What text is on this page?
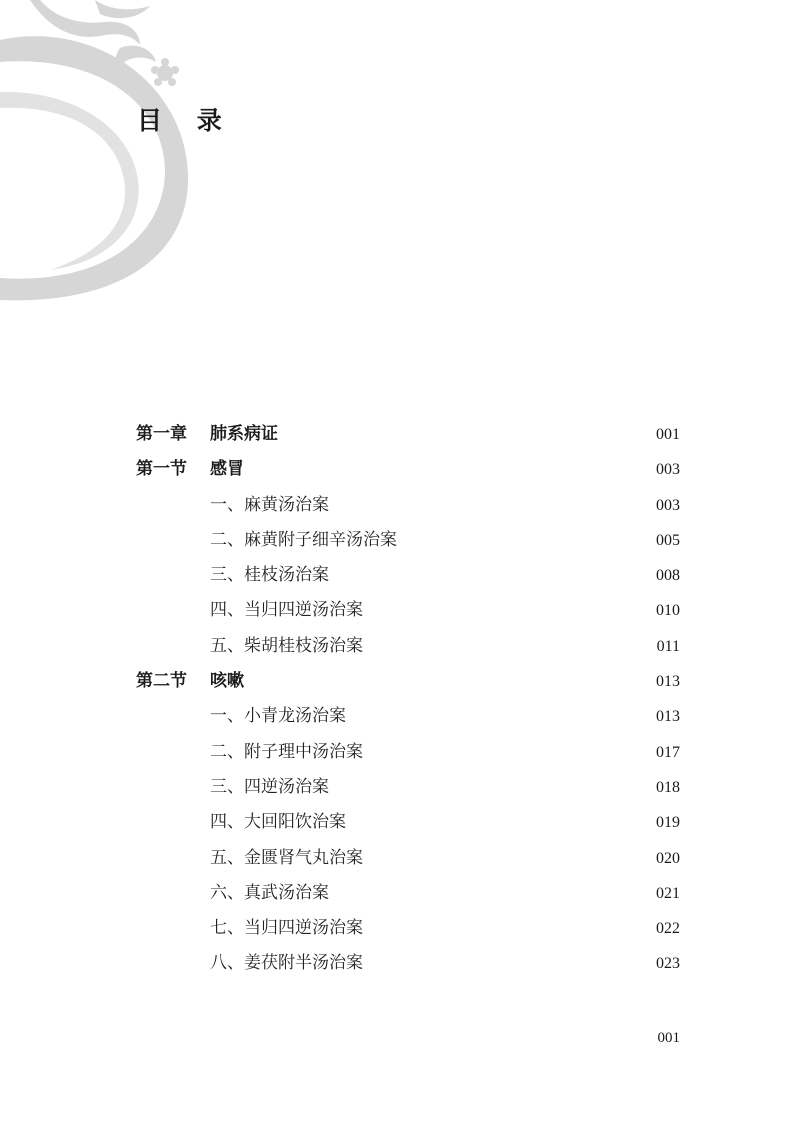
目 录
第一章 肺系病证	001
第一节 感冒	003
一、麻黄汤治案	003
二、麻黄附子细辛汤治案	005
三、桂枝汤治案	008
四、当归四逆汤治案	010
五、柴胡桂枝汤治案	011
第二节 咳嗽	013
一、小青龙汤治案	013
二、附子理中汤治案	017
三、四逆汤治案	018
四、大回阳饮治案	019
五、金匮肾气丸治案	020
六、真武汤治案	021
七、当归四逆汤治案	022
八、姜茯附半汤治案	023
001
